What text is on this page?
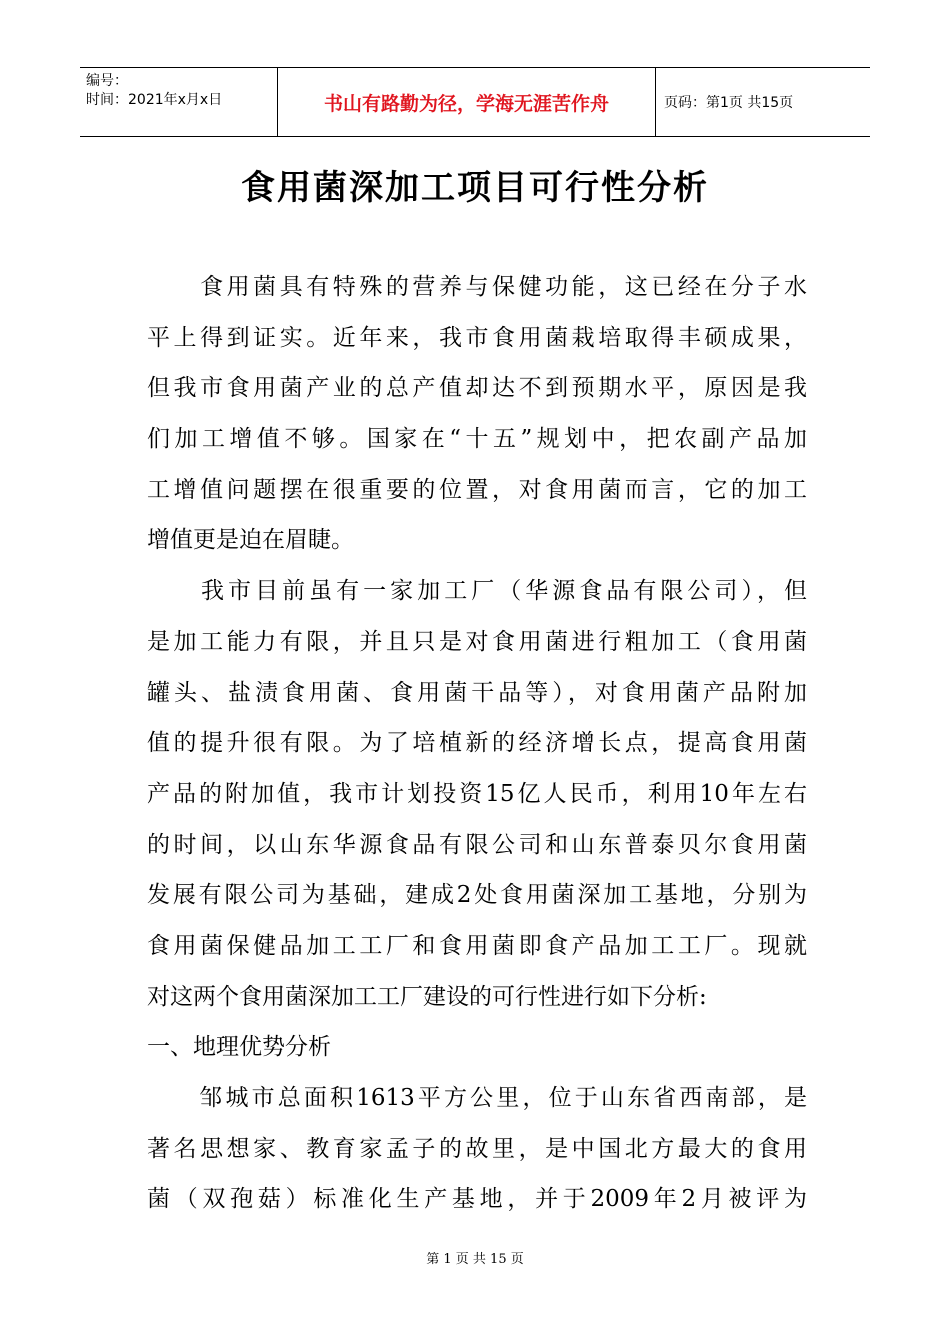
编号：
时间：2021年x月x日	书山有路勤为径，学海无涯苦作舟	页码：第1页 共15页
食用菌深加工项目可行性分析

　　食用菌具有特殊的营养与保健功能，这已经在分子水
平上得到证实。近年来，我市食用菌栽培取得丰硕成果，
但我市食用菌产业的总产值却达不到预期水平，原因是我
们加工增值不够。国家在“十五”规划中，把农副产品加
工增值问题摆在很重要的位置，对食用菌而言，它的加工
增值更是迫在眉睫。

　　我市目前虽有一家加工厂（华源食品有限公司），但
是加工能力有限，并且只是对食用菌进行粗加工（食用菌
罐头、盐渍食用菌、食用菌干品等），对食用菌产品附加
值的提升很有限。为了培植新的经济增长点，提高食用菌
产品的附加值，我市计划投资15亿人民币，利用10年左右
的时间，以山东华源食品有限公司和山东普泰贝尔食用菌
发展有限公司为基础，建成2处食用菌深加工基地，分别为
食用菌保健品加工工厂和食用菌即食产品加工工厂。现就
对这两个食用菌深加工工厂建设的可行性进行如下分析:

一、地理优势分析

　　邹城市总面积1613平方公里，位于山东省西南部，是
著名思想家、教育家孟子的故里，是中国北方最大的食用
菌（双孢菇）标准化生产基地，并于2009年2月被评为

第 1 页 共 15 页
